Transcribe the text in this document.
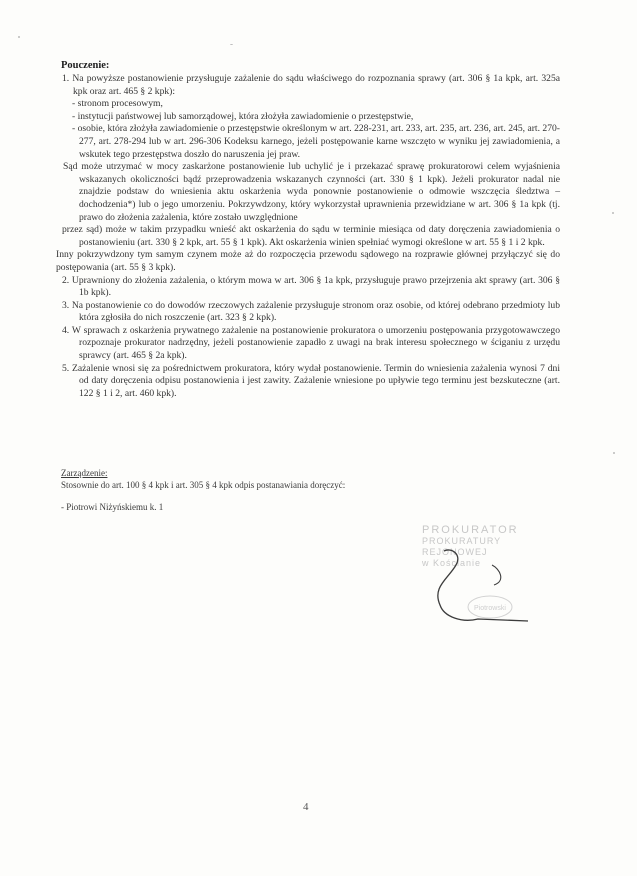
Pouczenie:

1. Na powyższe postanowienie przysługuje zażalenie do sądu właściwego do rozpoznania sprawy (art. 306 § 1a kpk, art. 325a kpk oraz art. 465 § 2 kpk):

- stronom procesowym,

- instytucji państwowej lub samorządowej, która złożyła zawiadomienie o przestępstwie,

- osobie, która złożyła zawiadomienie o przestępstwie określonym w art. 228-231, art. 233, art. 235, art. 236, art. 245, art. 270-277, art. 278-294 lub w art. 296-306 Kodeksu karnego, jeżeli postępowanie karne wszczęto w wyniku jej zawiadomienia, a wskutek tego przestępstwa doszło do naruszenia jej praw.

Sąd może utrzymać w mocy zaskarżone postanowienie lub uchylić je i przekazać sprawę prokuratorowi celem wyjaśnienia wskazanych okoliczności bądź przeprowadzenia wskazanych czynności (art. 330 § 1 kpk). Jeżeli prokurator nadal nie znajdzie podstaw do wniesienia aktu oskarżenia wyda ponownie postanowienie o odmowie wszczęcia śledztwa – dochodzenia*) lub o jego umorzeniu. Pokrzywdzony, który wykorzystał uprawnienia przewidziane w art. 306 § 1a kpk (tj. prawo do złożenia zażalenia, które zostało uwzględnione

przez sąd) może w takim przypadku wnieść akt oskarżenia do sądu w terminie miesiąca od daty doręczenia zawiadomienia o postanowieniu (art. 330 § 2 kpk, art. 55 § 1 kpk). Akt oskarżenia winien spełniać wymogi określone w art. 55 § 1 i 2 kpk.

Inny pokrzywdzony tym samym czynem może aż do rozpoczęcia przewodu sądowego na rozprawie głównej przyłączyć się do postępowania (art. 55 § 3 kpk).

2. Uprawniony do złożenia zażalenia, o którym mowa w art. 306 § 1a kpk, przysługuje prawo przejrzenia akt sprawy (art. 306 § 1b kpk).

3. Na postanowienie co do dowodów rzeczowych zażalenie przysługuje stronom oraz osobie, od której odebrano przedmioty lub która zgłosiła do nich roszczenie (art. 323 § 2 kpk).

4. W sprawach z oskarżenia prywatnego zażalenie na postanowienie prokuratora o umorzeniu postępowania przygotowawczego rozpoznaje prokurator nadrzędny, jeżeli postanowienie zapadło z uwagi na brak interesu społecznego w ściganiu z urzędu sprawcy (art. 465 § 2a kpk).

5. Zażalenie wnosi się za pośrednictwem prokuratora, który wydał postanowienie. Termin do wniesienia zażalenia wynosi 7 dni od daty doręczenia odpisu postanowienia i jest zawity. Zażalenie wniesione po upływie tego terminu jest bezskuteczne (art. 122 § 1 i 2, art. 460 kpk).

Zarządzenie:
Stosownie do art. 100 § 4 kpk i art. 305 § 4 kpk odpis postanawiania doręczyć:
- Piotrowi Niżyńskiemu k. 1
PROKURATOR
PROKURATURY REJONOWEJ
w Kościanie
Piotrowski
4
